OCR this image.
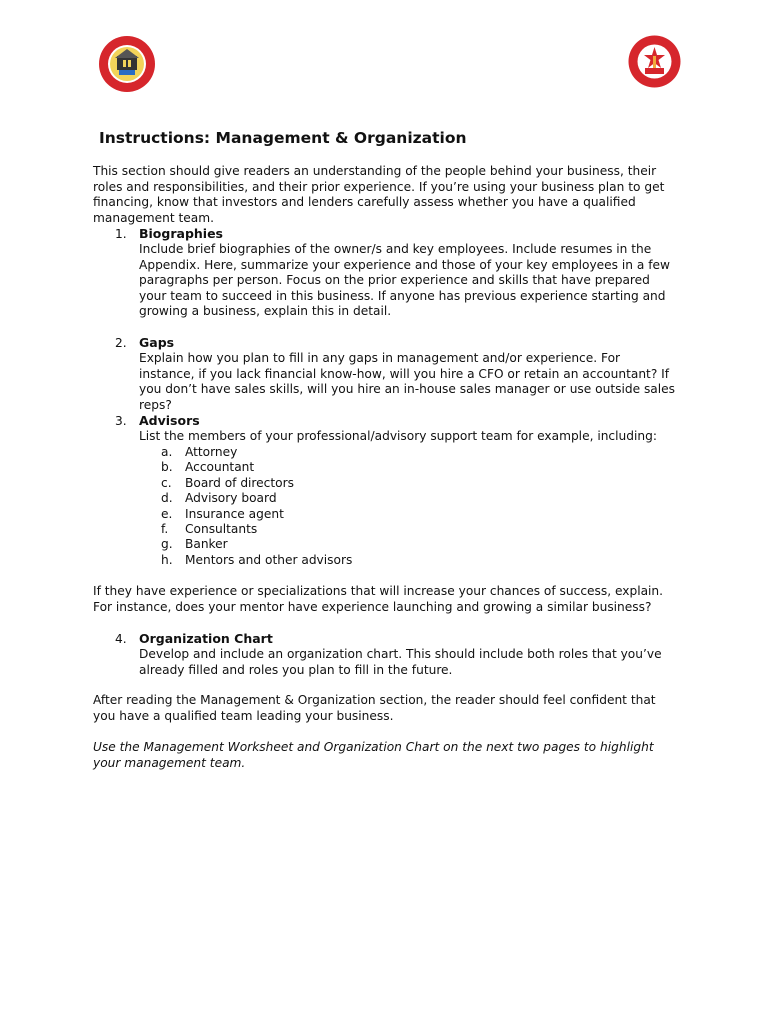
Instructions: Management & Organization

This section should give readers an understanding of the people behind your business, their roles and responsibilities, and their prior experience. If you’re using your business plan to get financing, know that investors and lenders carefully assess whether you have a qualified management team.

1. Biographies

Include brief biographies of the owner/s and key employees. Include resumes in the Appendix. Here, summarize your experience and those of your key employees in a few paragraphs per person. Focus on the prior experience and skills that have prepared your team to succeed in this business. If anyone has previous experience starting and growing a business, explain this in detail.

2. Gaps

Explain how you plan to fill in any gaps in management and/or experience. For instance, if you lack financial know-how, will you hire a CFO or retain an accountant? If you don’t have sales skills, will you hire an in-house sales manager or use outside sales reps?

3. Advisors

List the members of your professional/advisory support team for example, including:

a. Attorney
b. Accountant
c. Board of directors
d. Advisory board
e. Insurance agent
f. Consultants
g. Banker
h. Mentors and other advisors

If they have experience or specializations that will increase your chances of success, explain. For instance, does your mentor have experience launching and growing a similar business?

4. Organization Chart

Develop and include an organization chart. This should include both roles that you’ve already filled and roles you plan to fill in the future.

After reading the Management & Organization section, the reader should feel confident that you have a qualified team leading your business.

Use the Management Worksheet and Organization Chart on the next two pages to highlight your management team.
